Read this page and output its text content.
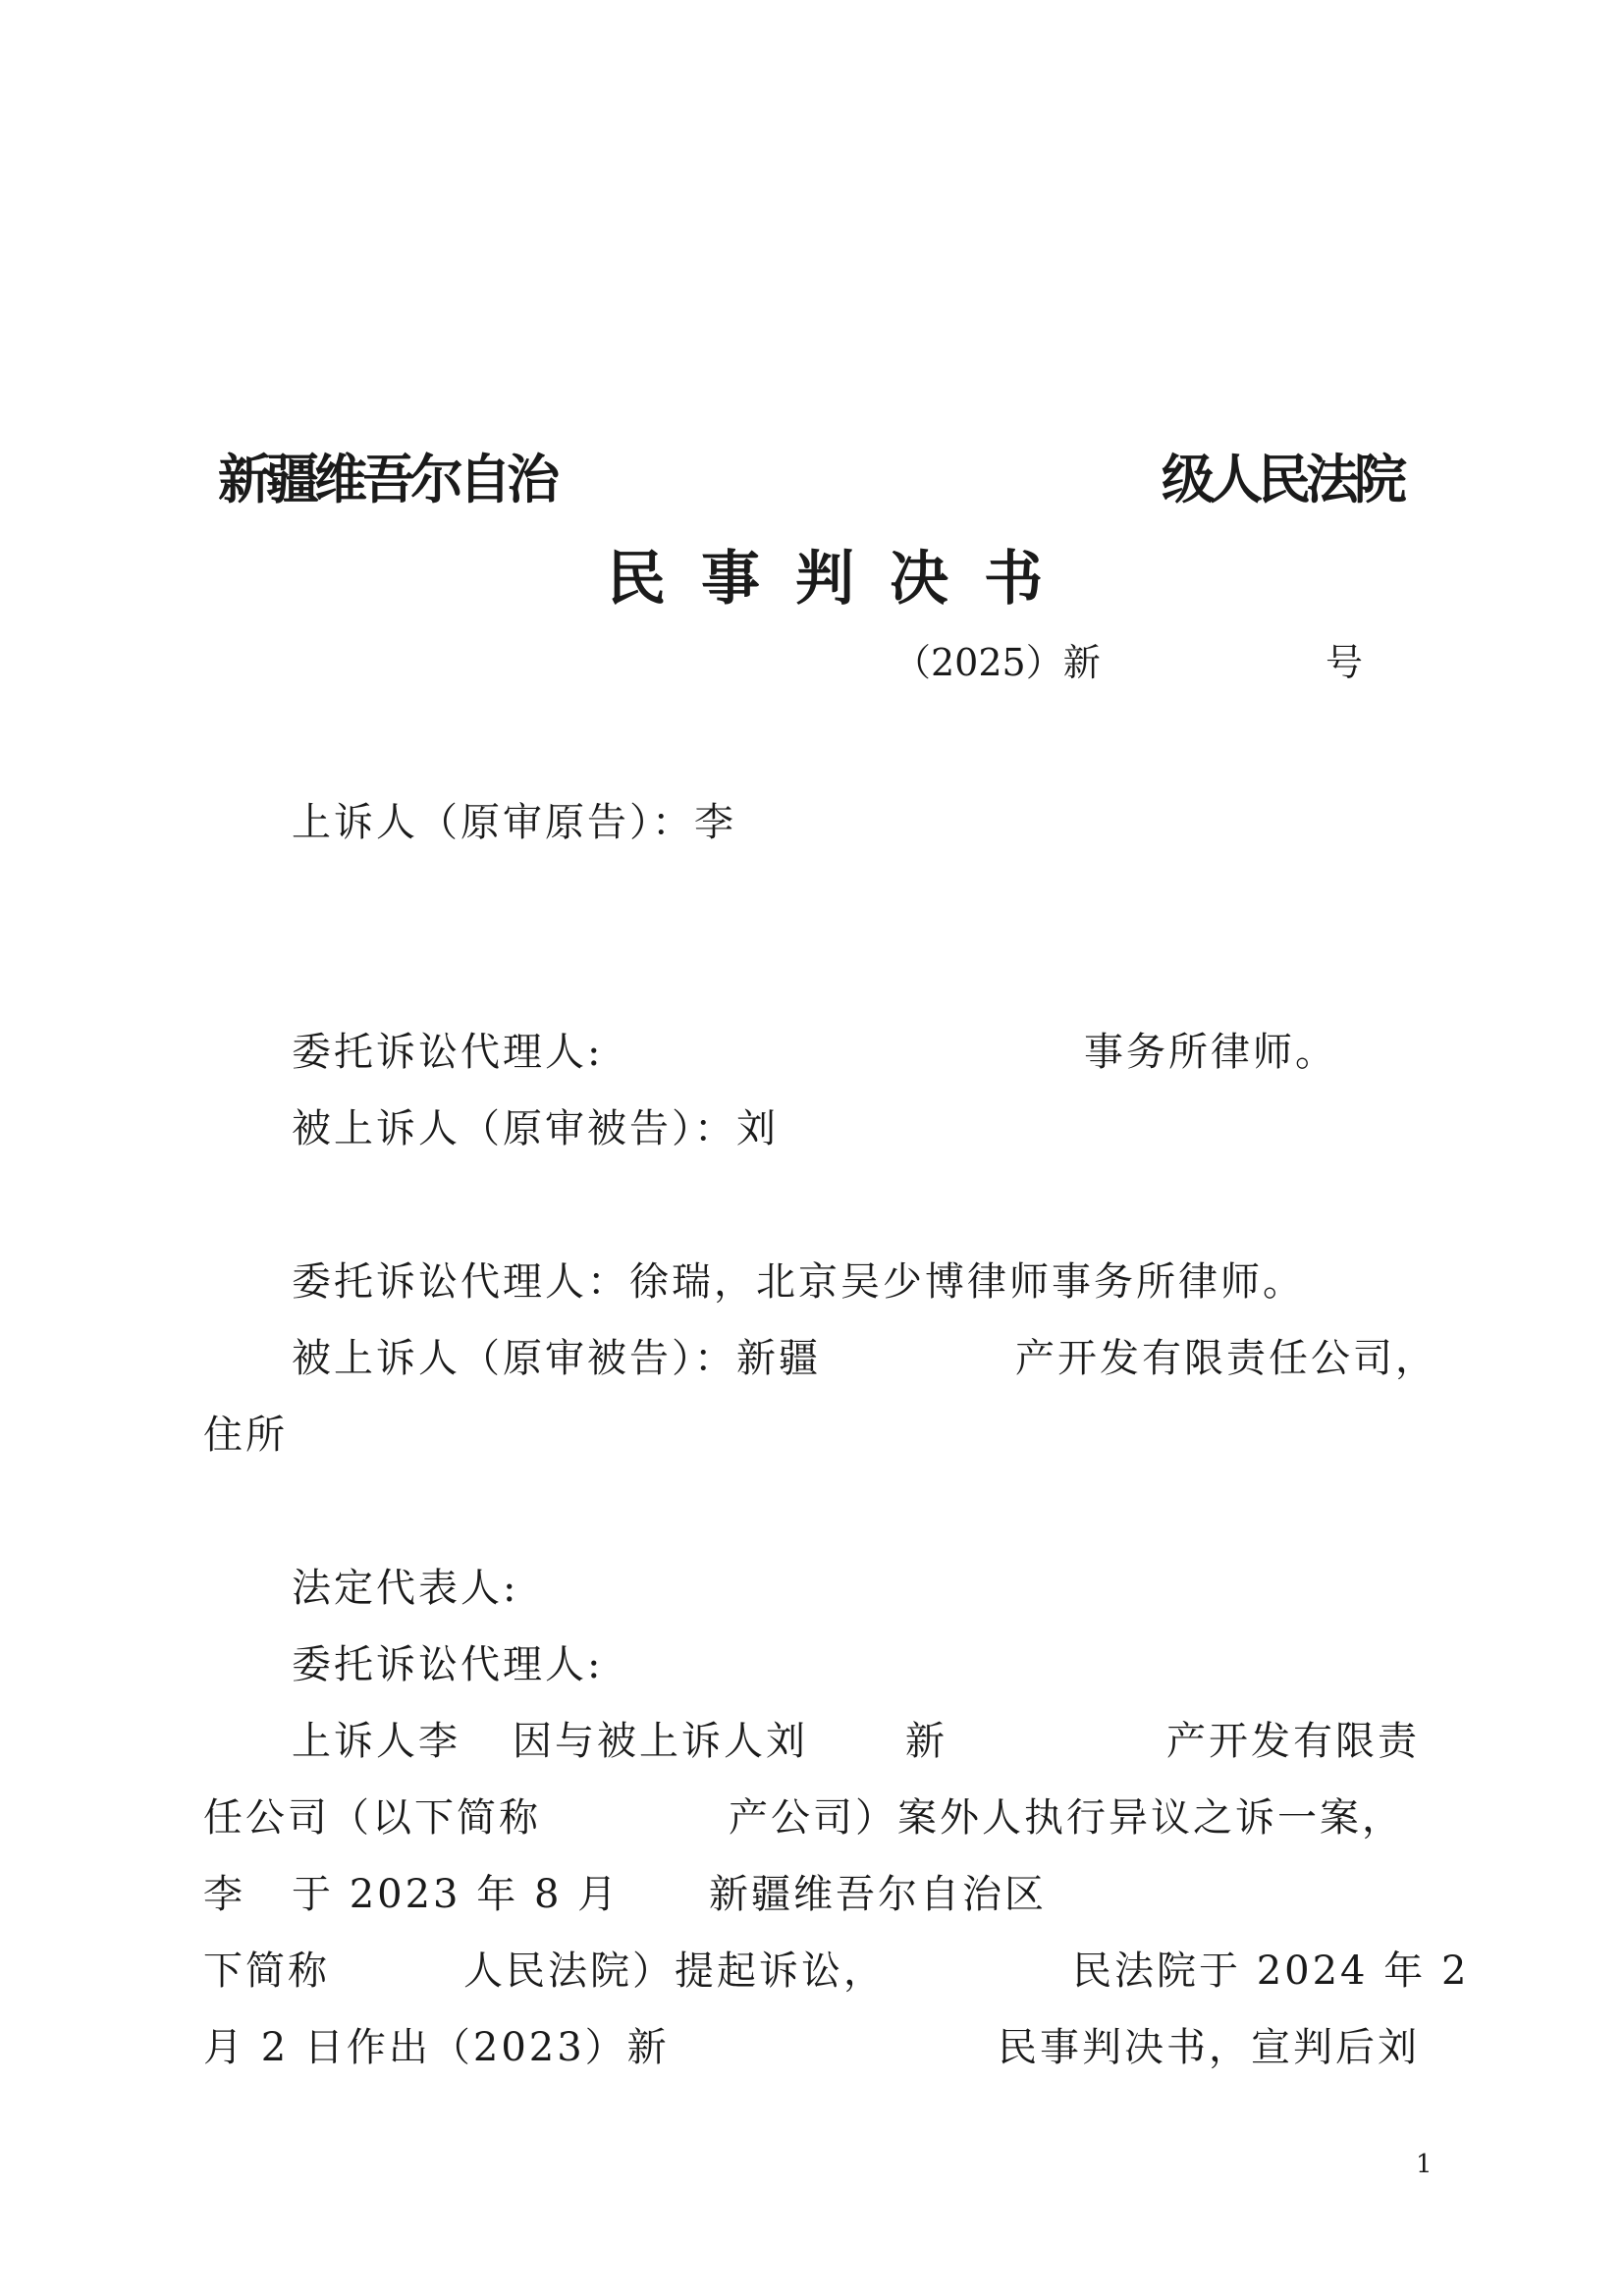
新疆维吾尔自治	级人民法院
民 事 判 决 书
（2025）新	号
上诉人（原审原告）：李
委托诉讼代理人:	事务所律师。
被上诉人（原审被告）：刘
委托诉讼代理人：徐瑞，北京吴少博律师事务所律师。
被上诉人（原审被告）：新疆	产开发有限责任公司，
住所
法定代表人:
委托诉讼代理人:
上诉人李 因与被上诉人刘 新	产开发有限责
任公司（以下简称	产公司）案外人执行异议之诉一案，
李 于 2023 年 8 月 新疆维吾尔自治区
下简称	人民法院）提起诉讼，	民法院于 2024 年 2
月 2 日作出（2023）新	民事判决书，宣判后刘
1
